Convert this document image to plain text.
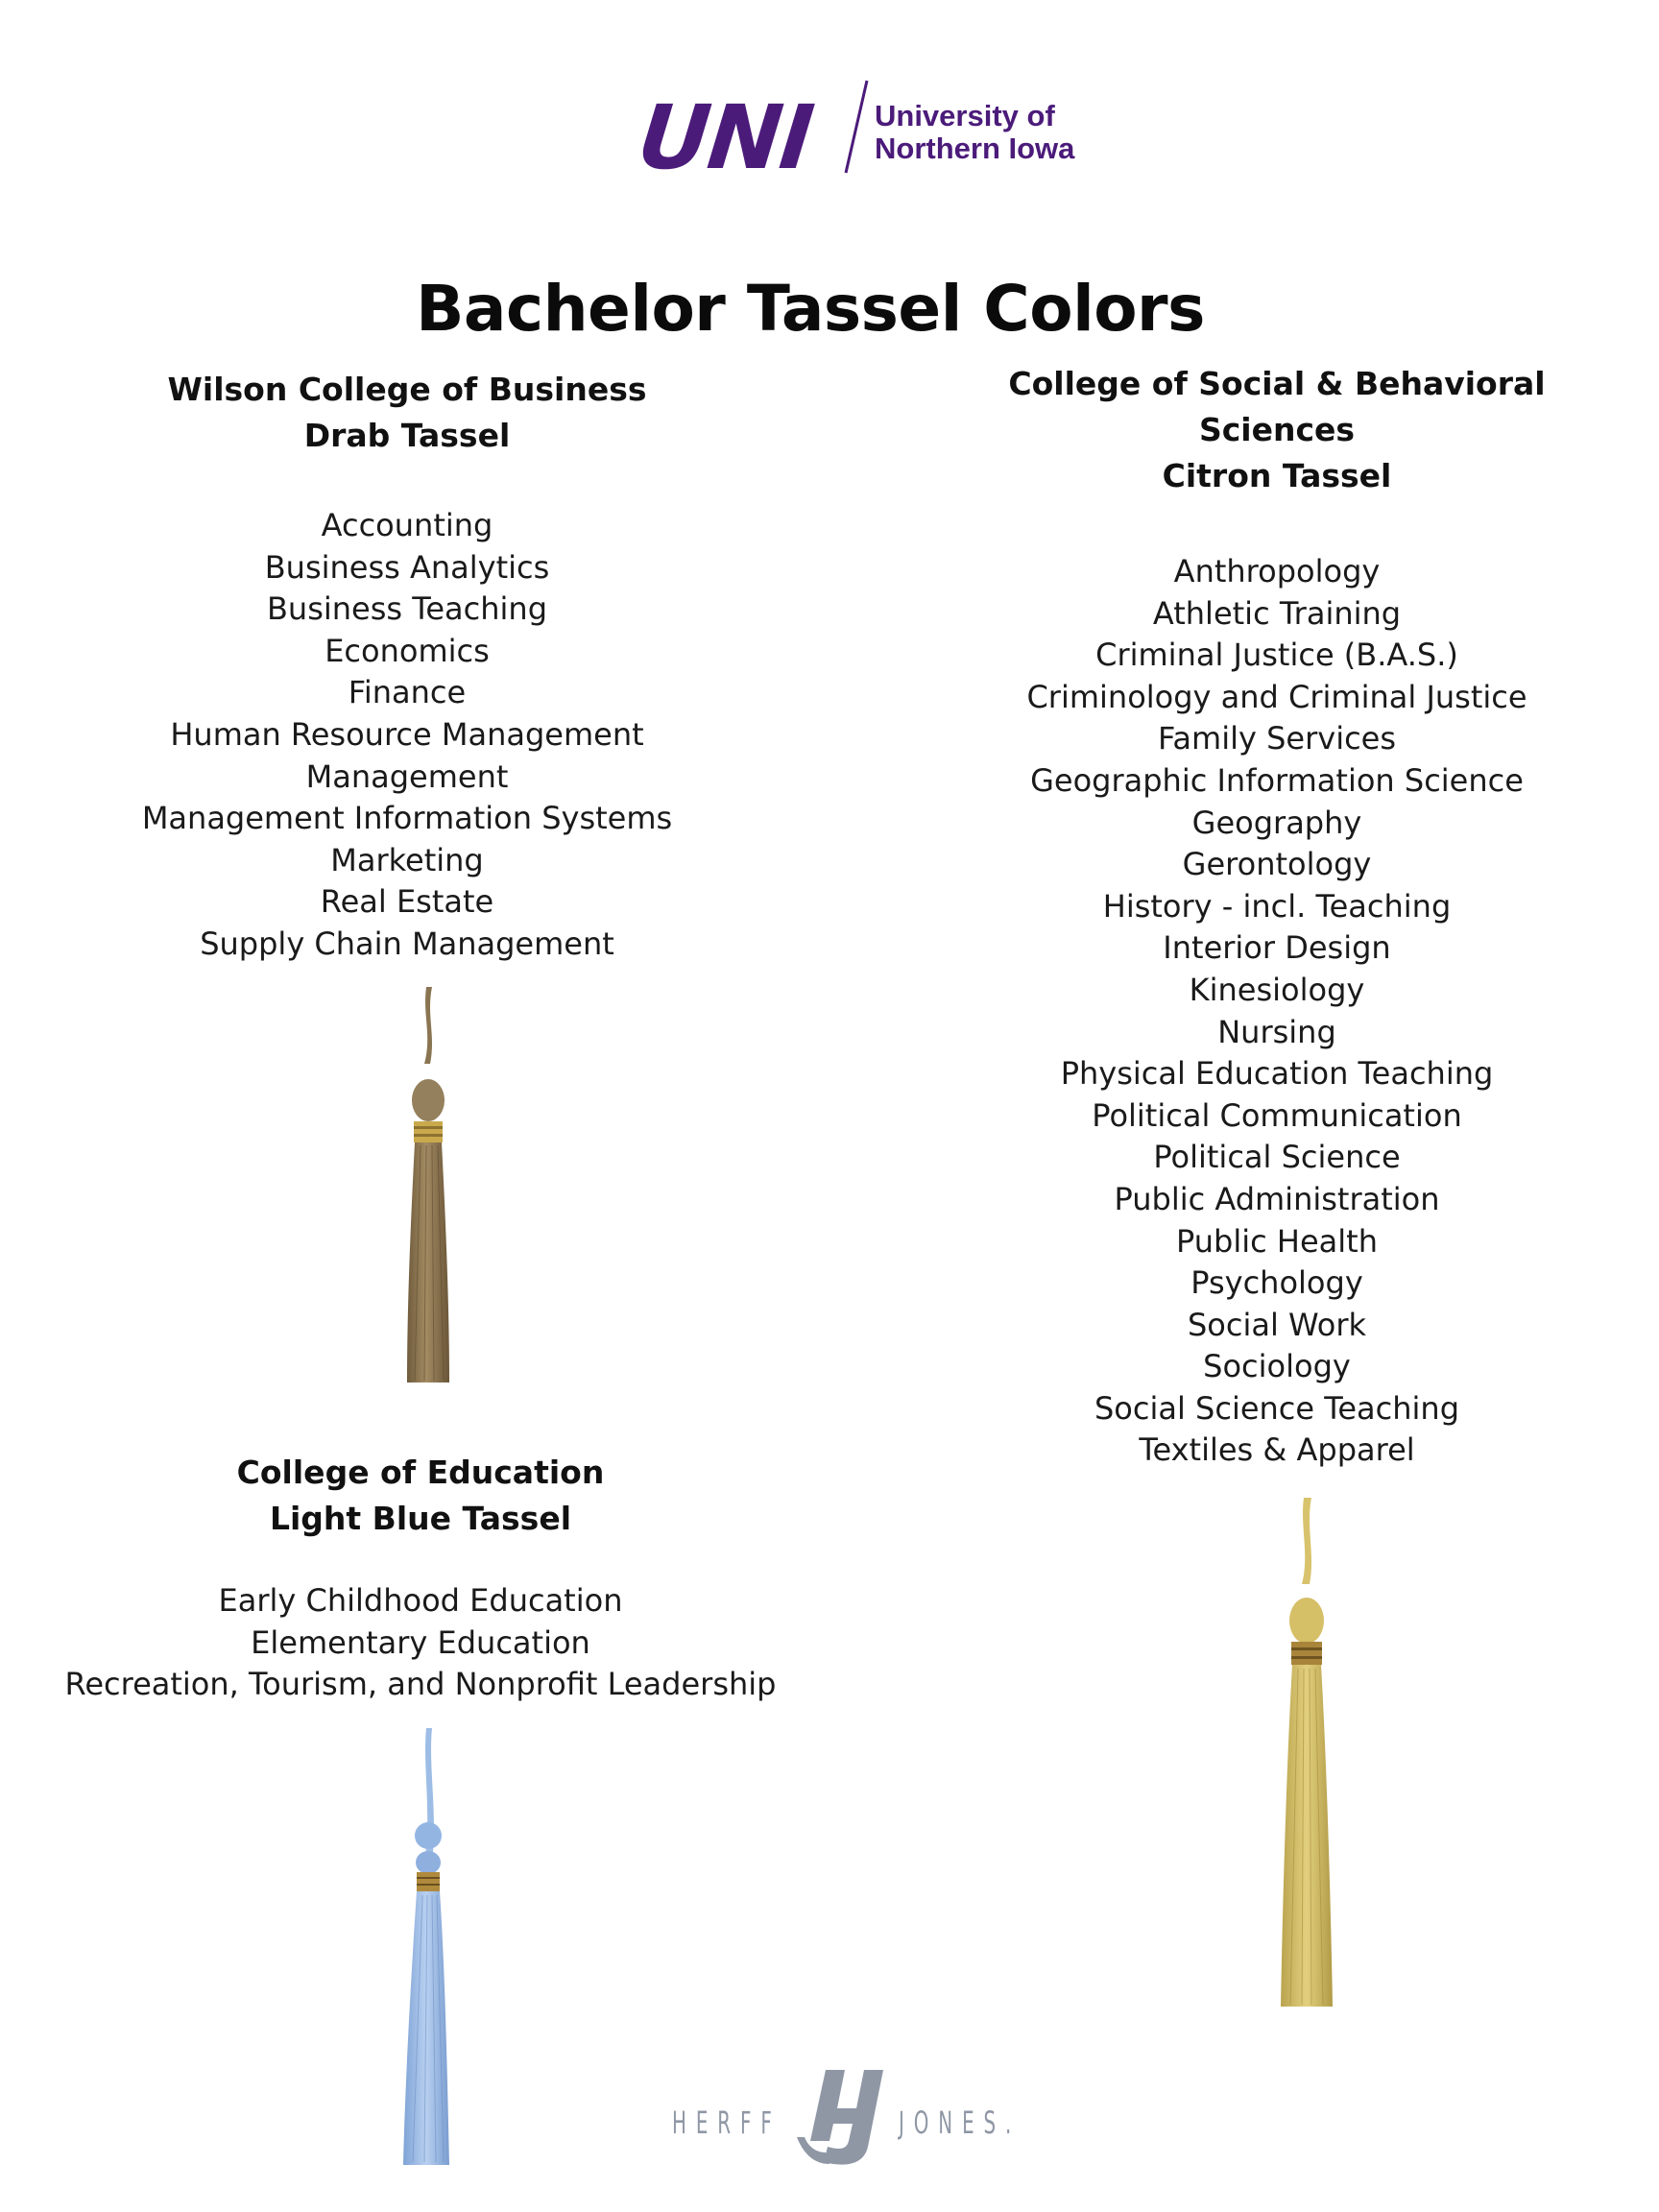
UNI University of
Northern Iowa
Bachelor Tassel Colors
Wilson College of Business
Drab Tassel
Accounting
Business Analytics
Business Teaching
Economics
Finance
Human Resource Management
Management
Management Information Systems
Marketing
Real Estate
Supply Chain Management
College of Social & Behavioral Sciences
Citron Tassel
Anthropology
Athletic Training
Criminal Justice (B.A.S.)
Criminology and Criminal Justice
Family Services
Geographic Information Science
Geography
Gerontology
History - incl. Teaching
Interior Design
Kinesiology
Nursing
Physical Education Teaching
Political Communication
Political Science
Public Administration
Public Health
Psychology
Social Work
Sociology
Social Science Teaching
Textiles & Apparel
College of Education
Light Blue Tassel
Early Childhood Education
Elementary Education
Recreation, Tourism, and Nonprofit Leadership
HERFF	JONES.
